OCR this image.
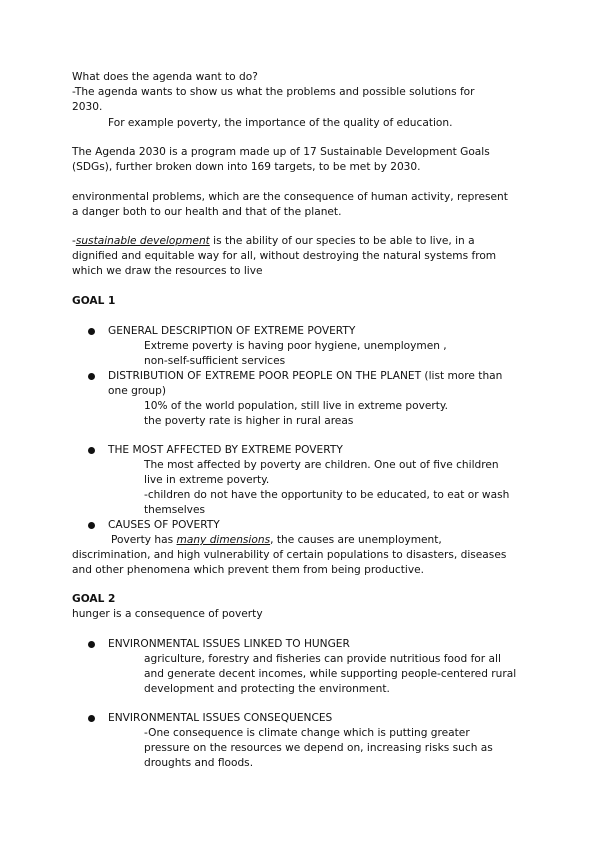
What does the agenda want to do?
-The agenda wants to show us what the problems and possible solutions for
2030.
For example poverty, the importance of the quality of education.
The Agenda 2030 is a program made up of 17 Sustainable Development Goals
(SDGs), further broken down into 169 targets, to be met by 2030.
environmental problems, which are the consequence of human activity, represent
a danger both to our health and that of the planet.
-sustainable development is the ability of our species to be able to live, in a
dignified and equitable way for all, without destroying the natural systems from
which we draw the resources to live
GOAL 1
GENERAL DESCRIPTION OF EXTREME POVERTY
Extreme poverty is having poor hygiene, unemploymen ,
non-self-sufficient services
DISTRIBUTION OF EXTREME POOR PEOPLE ON THE PLANET (list more than
one group)
10% of the world population, still live in extreme poverty.
the poverty rate is higher in rural areas
THE MOST AFFECTED BY EXTREME POVERTY
The most affected by poverty are children. One out of five children
live in extreme poverty.
-children do not have the opportunity to be educated, to eat or wash
themselves
CAUSES OF POVERTY
Poverty has many dimensions, the causes are unemployment,
discrimination, and high vulnerability of certain populations to disasters, diseases
and other phenomena which prevent them from being productive.
GOAL 2
hunger is a consequence of poverty
ENVIRONMENTAL ISSUES LINKED TO HUNGER
agriculture, forestry and fisheries can provide nutritious food for all
and generate decent incomes, while supporting people-centered rural
development and protecting the environment.
ENVIRONMENTAL ISSUES CONSEQUENCES
-One consequence is climate change which is putting greater
pressure on the resources we depend on, increasing risks such as
droughts and floods.
